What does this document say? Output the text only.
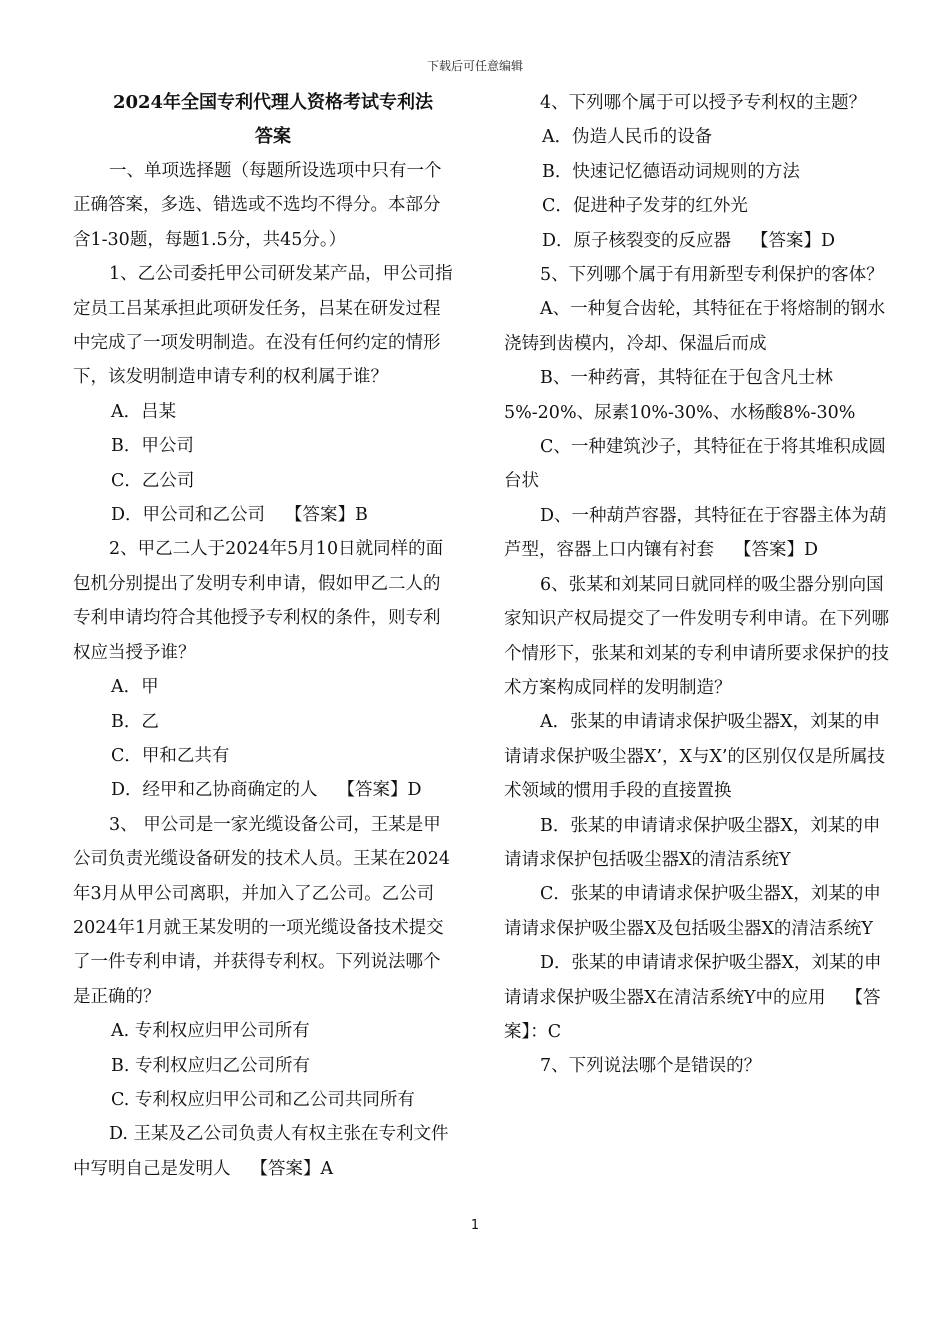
下载后可任意编辑

2024年全国专利代理人资格考试专利法

答案

一、单项选择题（每题所设选项中只有一个正确答案，多选、错选或不选均不得分。本部分含1-30题，每题1.5分，共45分。）

1、乙公司委托甲公司研发某产品，甲公司指定员工吕某承担此项研发任务，吕某在研发过程中完成了一项发明制造。在没有任何约定的情形下，该发明制造申请专利的权利属于谁？

A．吕某

B．甲公司

C．乙公司

D．甲公司和乙公司 【答案】B

2、甲乙二人于2024年5月10日就同样的面包机分别提出了发明专利申请，假如甲乙二人的专利申请均符合其他授予专利权的条件，则专利权应当授予谁？

A．甲

B．乙

C．甲和乙共有

D．经甲和乙协商确定的人 【答案】D

3、 甲公司是一家光缆设备公司，王某是甲公司负责光缆设备研发的技术人员。王某在2024年3月从甲公司离职，并加入了乙公司。乙公司2024年1月就王某发明的一项光缆设备技术提交了一件专利申请，并获得专利权。下列说法哪个是正确的？

A. 专利权应归甲公司所有

B. 专利权应归乙公司所有

C. 专利权应归甲公司和乙公司共同所有

D. 王某及乙公司负责人有权主张在专利文件中写明自己是发明人 【答案】A

4、下列哪个属于可以授予专利权的主题？

A．伪造人民币的设备

B．快速记忆德语动词规则的方法

C．促进种子发芽的红外光

D．原子核裂变的反应器 【答案】D

5、下列哪个属于有用新型专利保护的客体？

A、一种复合齿轮，其特征在于将熔制的钢水浇铸到齿模内，冷却、保温后而成

B、一种药膏，其特征在于包含凡士林5%-20%、尿素10%-30%、水杨酸8%-30%

C、一种建筑沙子，其特征在于将其堆积成圆台状

D、一种葫芦容器，其特征在于容器主体为葫芦型，容器上口内镶有衬套 【答案】D

6、张某和刘某同日就同样的吸尘器分别向国家知识产权局提交了一件发明专利申请。在下列哪个情形下，张某和刘某的专利申请所要求保护的技术方案构成同样的发明制造？

A．张某的申请请求保护吸尘器X，刘某的申请请求保护吸尘器X’，X与X’的区别仅仅是所属技术领域的惯用手段的直接置换

B．张某的申请请求保护吸尘器X，刘某的申请请求保护包括吸尘器X的清洁系统Y

C．张某的申请请求保护吸尘器X，刘某的申请请求保护吸尘器X及包括吸尘器X的清洁系统Y

D．张某的申请请求保护吸尘器X，刘某的申请请求保护吸尘器X在清洁系统Y中的应用 【答案】：C

7、下列说法哪个是错误的？

1
